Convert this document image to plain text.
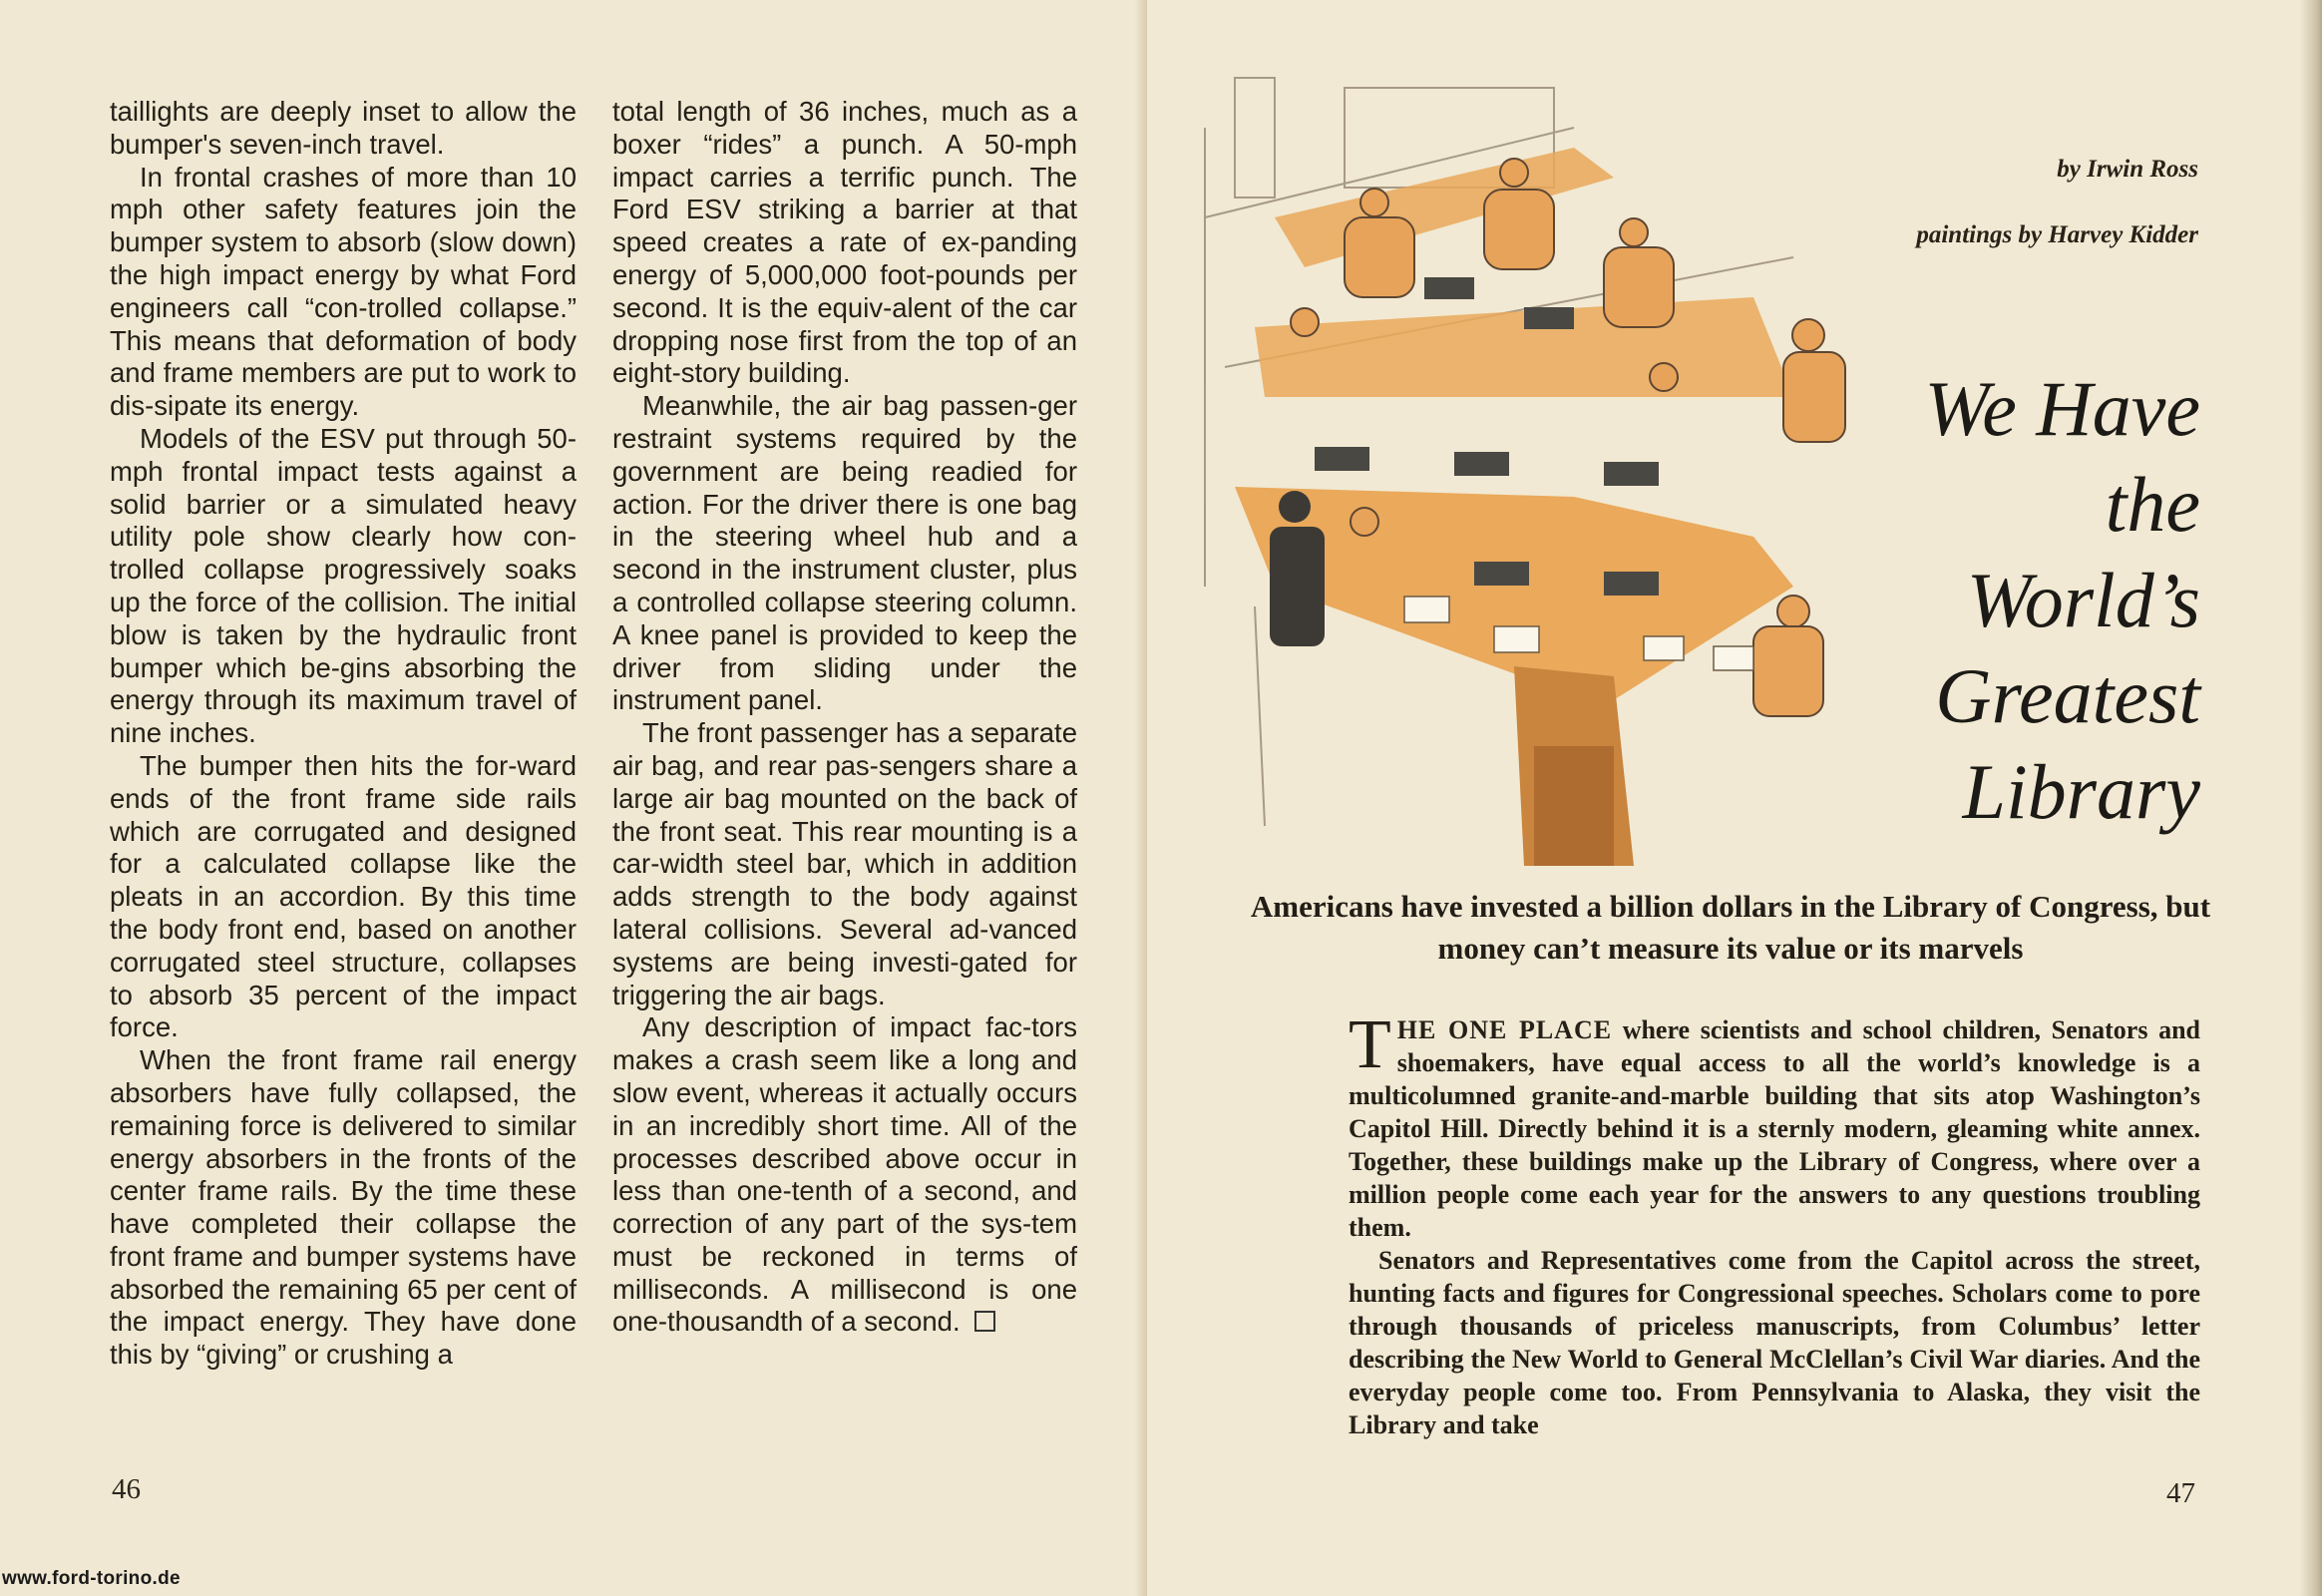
taillights are deeply inset to allow the bumper's seven-inch travel.

In frontal crashes of more than 10 mph other safety features join the bumper system to absorb (slow down) the high impact energy by what Ford engineers call “con-trolled collapse.” This means that deformation of body and frame members are put to work to dis-sipate its energy.

Models of the ESV put through 50-mph frontal impact tests against a solid barrier or a simulated heavy utility pole show clearly how con-trolled collapse progressively soaks up the force of the collision. The initial blow is taken by the hydraulic front bumper which be-gins absorbing the energy through its maximum travel of nine inches.

The bumper then hits the for-ward ends of the front frame side rails which are corrugated and designed for a calculated collapse like the pleats in an accordion. By this time the body front end, based on another corrugated steel structure, collapses to absorb 35 percent of the impact force.

When the front frame rail energy absorbers have fully collapsed, the remaining force is delivered to similar energy absorbers in the fronts of the center frame rails. By the time these have completed their collapse the front frame and bumper systems have absorbed the remaining 65 per cent of the impact energy. They have done this by “giving” or crushing a

total length of 36 inches, much as a boxer “rides” a punch. A 50-mph impact carries a terrific punch. The Ford ESV striking a barrier at that speed creates a rate of ex-panding energy of 5,000,000 foot-pounds per second. It is the equiv-alent of the car dropping nose first from the top of an eight-story building.

Meanwhile, the air bag passen-ger restraint systems required by the government are being readied for action. For the driver there is one bag in the steering wheel hub and a second in the instrument cluster, plus a controlled collapse steering column. A knee panel is provided to keep the driver from sliding under the instrument panel.

The front passenger has a separate air bag, and rear pas-sengers share a large air bag mounted on the back of the front seat. This rear mounting is a car-width steel bar, which in addition adds strength to the body against lateral collisions. Several ad-vanced systems are being investi-gated for triggering the air bags.

Any description of impact fac-tors makes a crash seem like a long and slow event, whereas it actually occurs in an incredibly short time. All of the processes described above occur in less than one-tenth of a second, and correction of any part of the sys-tem must be reckoned in terms of milliseconds. A millisecond is one one-thousandth of a second.

46
www.ford-torino.de
by Irwin Ross
paintings by Harvey Kidder
We Have
the
World’s
Greatest
Library
Americans have invested a billion dollars in the Library of Congress, but money can’t measure its value or its marvels

THE ONE PLACE where scientists and school children, Senators and shoemakers, have equal access to all the world’s knowledge is a multicolumned granite-and-marble building that sits atop Washington’s Capitol Hill. Directly behind it is a sternly modern, gleaming white annex. Together, these buildings make up the Library of Congress, where over a million people come each year for the answers to any questions troubling them.

Senators and Representatives come from the Capitol across the street, hunting facts and figures for Congressional speeches. Scholars come to pore through thousands of priceless manuscripts, from Columbus’ letter describing the New World to General McClellan’s Civil War diaries. And the everyday people come too. From Pennsylvania to Alaska, they visit the Library and take

47
